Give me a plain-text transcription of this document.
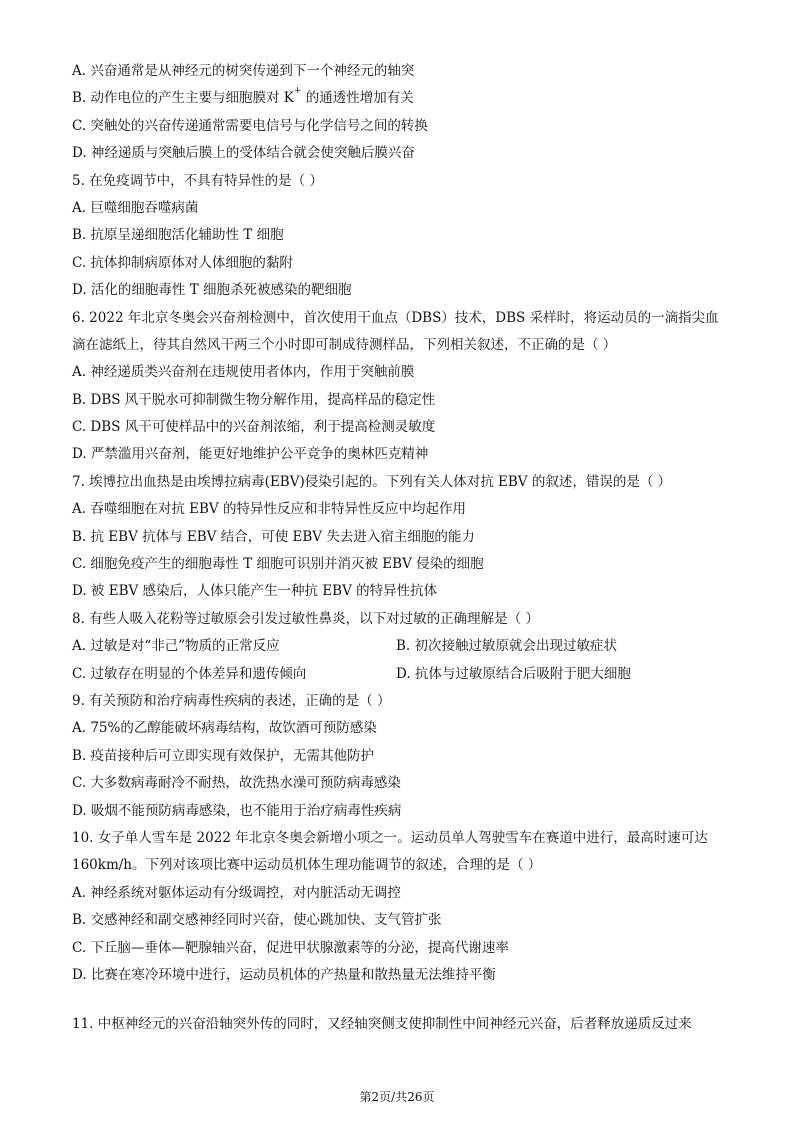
A. 兴奋通常是从神经元的树突传递到下一个神经元的轴突
B. 动作电位的产生主要与细胞膜对 K+ 的通透性增加有关
C. 突触处的兴奋传递通常需要电信号与化学信号之间的转换
D. 神经递质与突触后膜上的受体结合就会使突触后膜兴奋
5. 在免疫调节中，不具有特异性的是（ ）
A. 巨噬细胞吞噬病菌
B. 抗原呈递细胞活化辅助性 T 细胞
C. 抗体抑制病原体对人体细胞的黏附
D. 活化的细胞毒性 T 细胞杀死被感染的靶细胞
6. 2022 年北京冬奥会兴奋剂检测中，首次使用干血点（DBS）技术，DBS 采样时，将运动员的一滴指尖血
滴在滤纸上，待其自然风干两三个小时即可制成待测样品，下列相关叙述，不正确的是（ ）
A. 神经递质类兴奋剂在违规使用者体内，作用于突触前膜
B. DBS 风干脱水可抑制微生物分解作用，提高样品的稳定性
C. DBS 风干可使样品中的兴奋剂浓缩，利于提高检测灵敏度
D. 严禁滥用兴奋剂，能更好地维护公平竞争的奥林匹克精神
7. 埃博拉出血热是由埃博拉病毒(EBV)侵染引起的。下列有关人体对抗 EBV 的叙述，错误的是（ ）
A. 吞噬细胞在对抗 EBV 的特异性反应和非特异性反应中均起作用
B. 抗 EBV 抗体与 EBV 结合，可使 EBV 失去进入宿主细胞的能力
C. 细胞免疫产生的细胞毒性 T 细胞可识别并消灭被 EBV 侵染的细胞
D. 被 EBV 感染后，人体只能产生一种抗 EBV 的特异性抗体
8. 有些人吸入花粉等过敏原会引发过敏性鼻炎，以下对过敏的正确理解是（ ）
A. 过敏是对“非己”物质的正常反应	B. 初次接触过敏原就会出现过敏症状
C. 过敏存在明显的个体差异和遗传倾向	D. 抗体与过敏原结合后吸附于肥大细胞
9. 有关预防和治疗病毒性疾病的表述，正确的是（ ）
A. 75%的乙醇能破坏病毒结构，故饮酒可预防感染
B. 疫苗接种后可立即实现有效保护，无需其他防护
C. 大多数病毒耐冷不耐热，故洗热水澡可预防病毒感染
D. 吸烟不能预防病毒感染，也不能用于治疗病毒性疾病
10. 女子单人雪车是 2022 年北京冬奥会新增小项之一。运动员单人驾驶雪车在赛道中进行，最高时速可达
160km/h。下列对该项比赛中运动员机体生理功能调节的叙述，合理的是（ ）
A. 神经系统对躯体运动有分级调控，对内脏活动无调控
B. 交感神经和副交感神经同时兴奋，使心跳加快、支气管扩张
C. 下丘脑—垂体—靶腺轴兴奋，促进甲状腺激素等的分泌，提高代谢速率
D. 比赛在寒冷环境中进行，运动员机体的产热量和散热量无法维持平衡
11. 中枢神经元的兴奋沿轴突外传的同时，又经轴突侧支使抑制性中间神经元兴奋，后者释放递质反过来
第2页/共26页
